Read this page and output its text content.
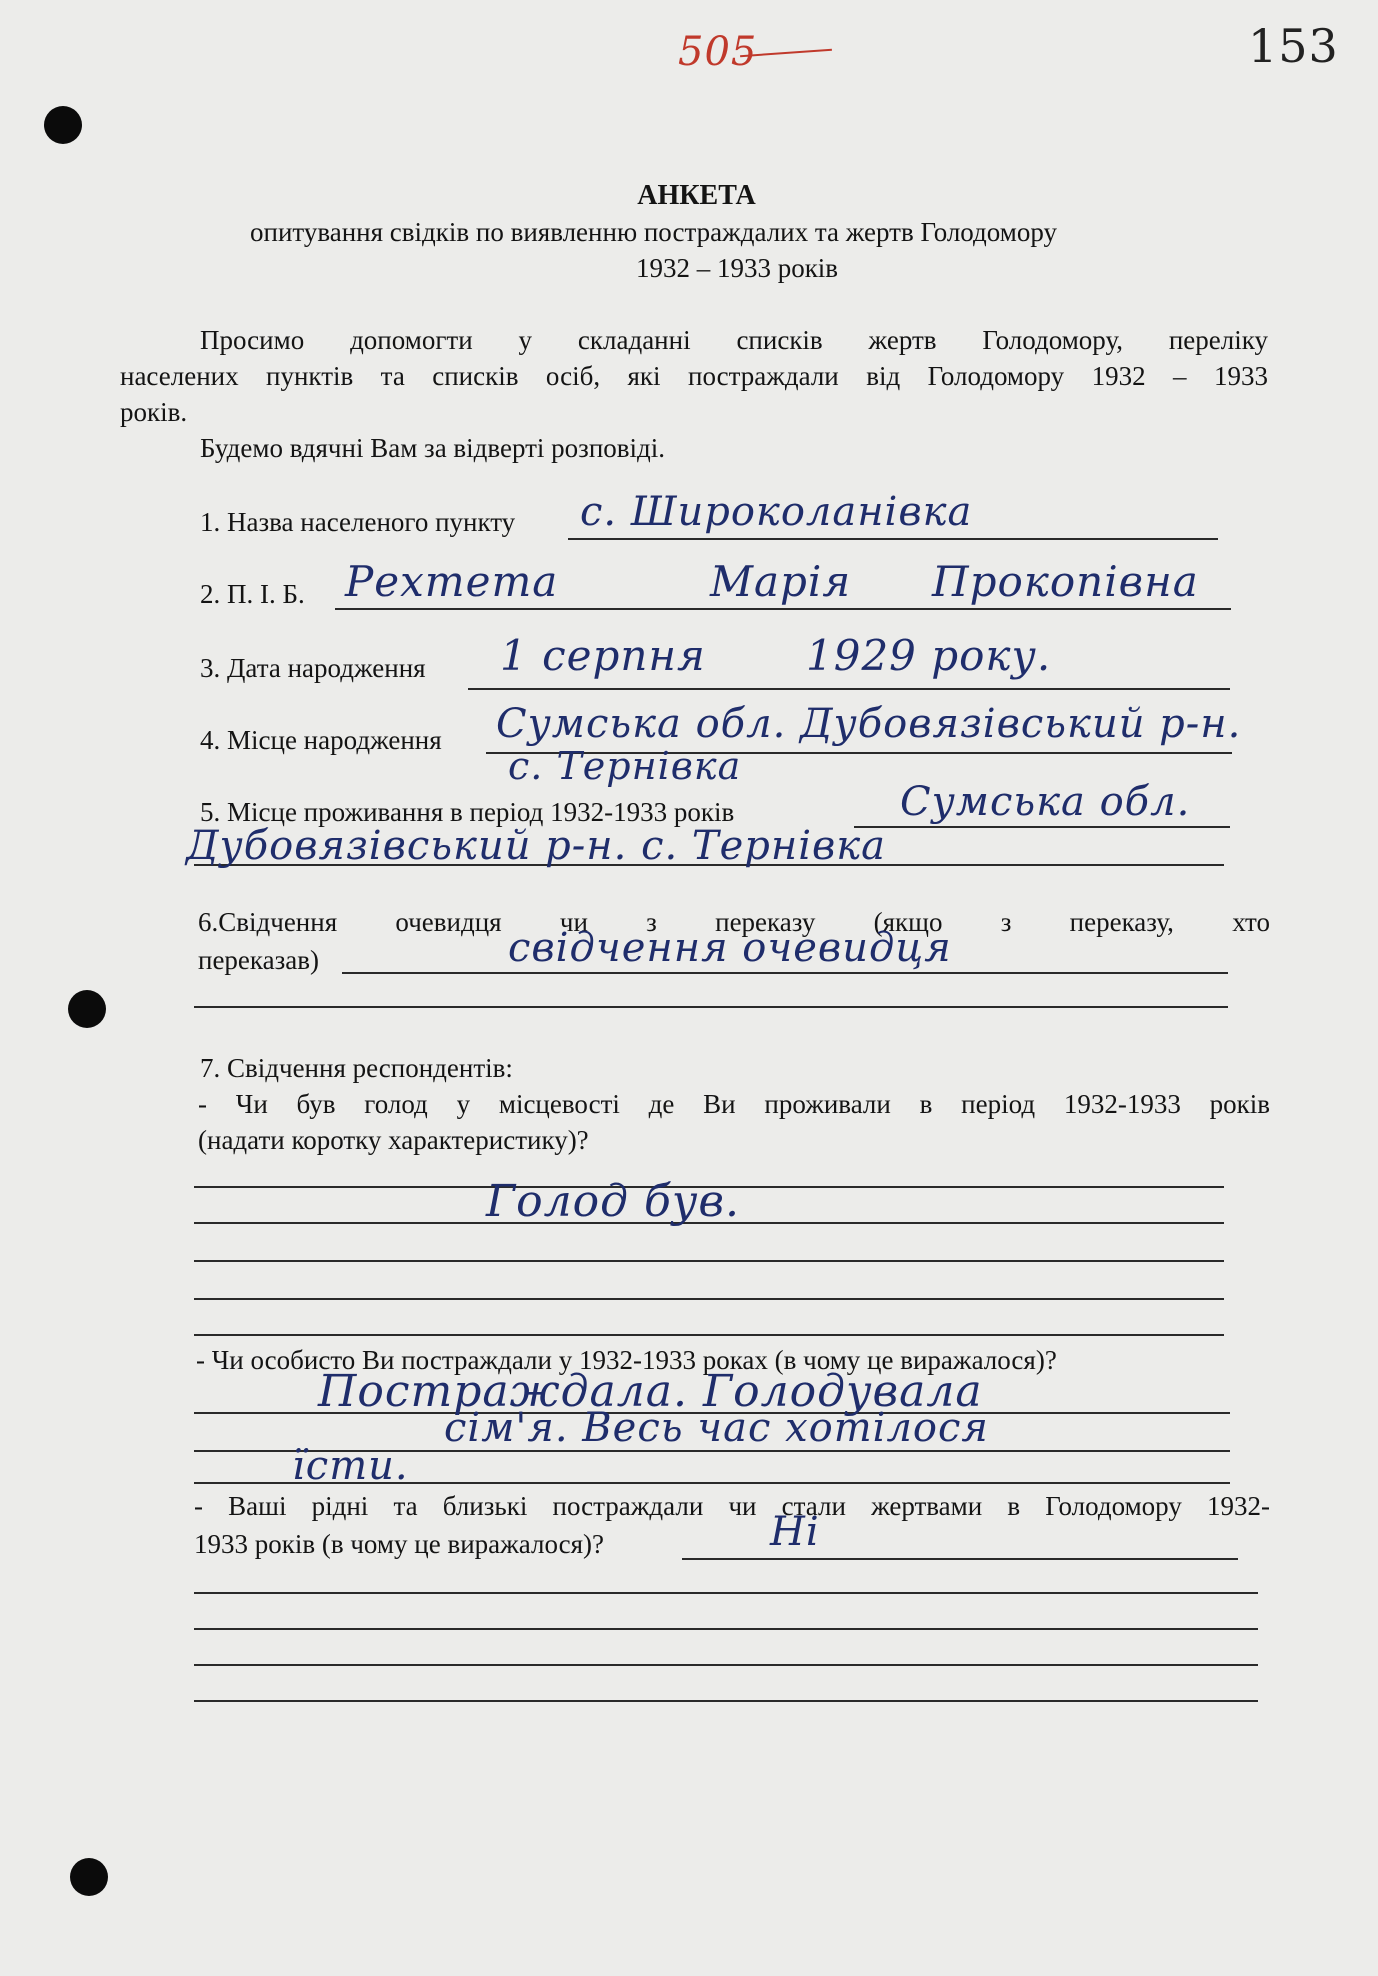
505	153
АНКЕТА
опитування свідків по виявленню постраждалих та жертв Голодомору
1932 – 1933 років
Просимо допомогти у складанні списків жертв Голодомору, переліку
населених пунктів та списків осіб, які постраждали від Голодомору 1932 – 1933
років.
Будемо вдячні Вам за відверті розповіді.
1. Назва населеного пункту с. Широколанівка
2. П. І. Б. Рехтета	Марія Прокопівна
3. Дата народження 1 серпня 1929 року.
4. Місце народження Сумська обл. Дубовязівський р-н.
с. Тернівка
5. Місце проживання в період 1932-1933 років	Сумська обл.
Дубовязівський р-н. с. Тернівка
6.Свідчення очевидця чи з переказу (якщо з переказу, хто
переказав)	свідчення очевидця
7. Свідчення респондентів:
- Чи був голод у місцевості де Ви проживали в період 1932-1933 років
(надати коротку характеристику)?
Голод був.
- Чи особисто Ви постраждали у 1932-1933 роках (в чому це виражалося)?
Постраждала. Голодувала
сім'я. Весь час хотілося
їсти.
- Ваші рідні та близькі постраждали чи стали жертвами в Голодомору 1932-
1933 років (в чому це виражалося)?	Ні
